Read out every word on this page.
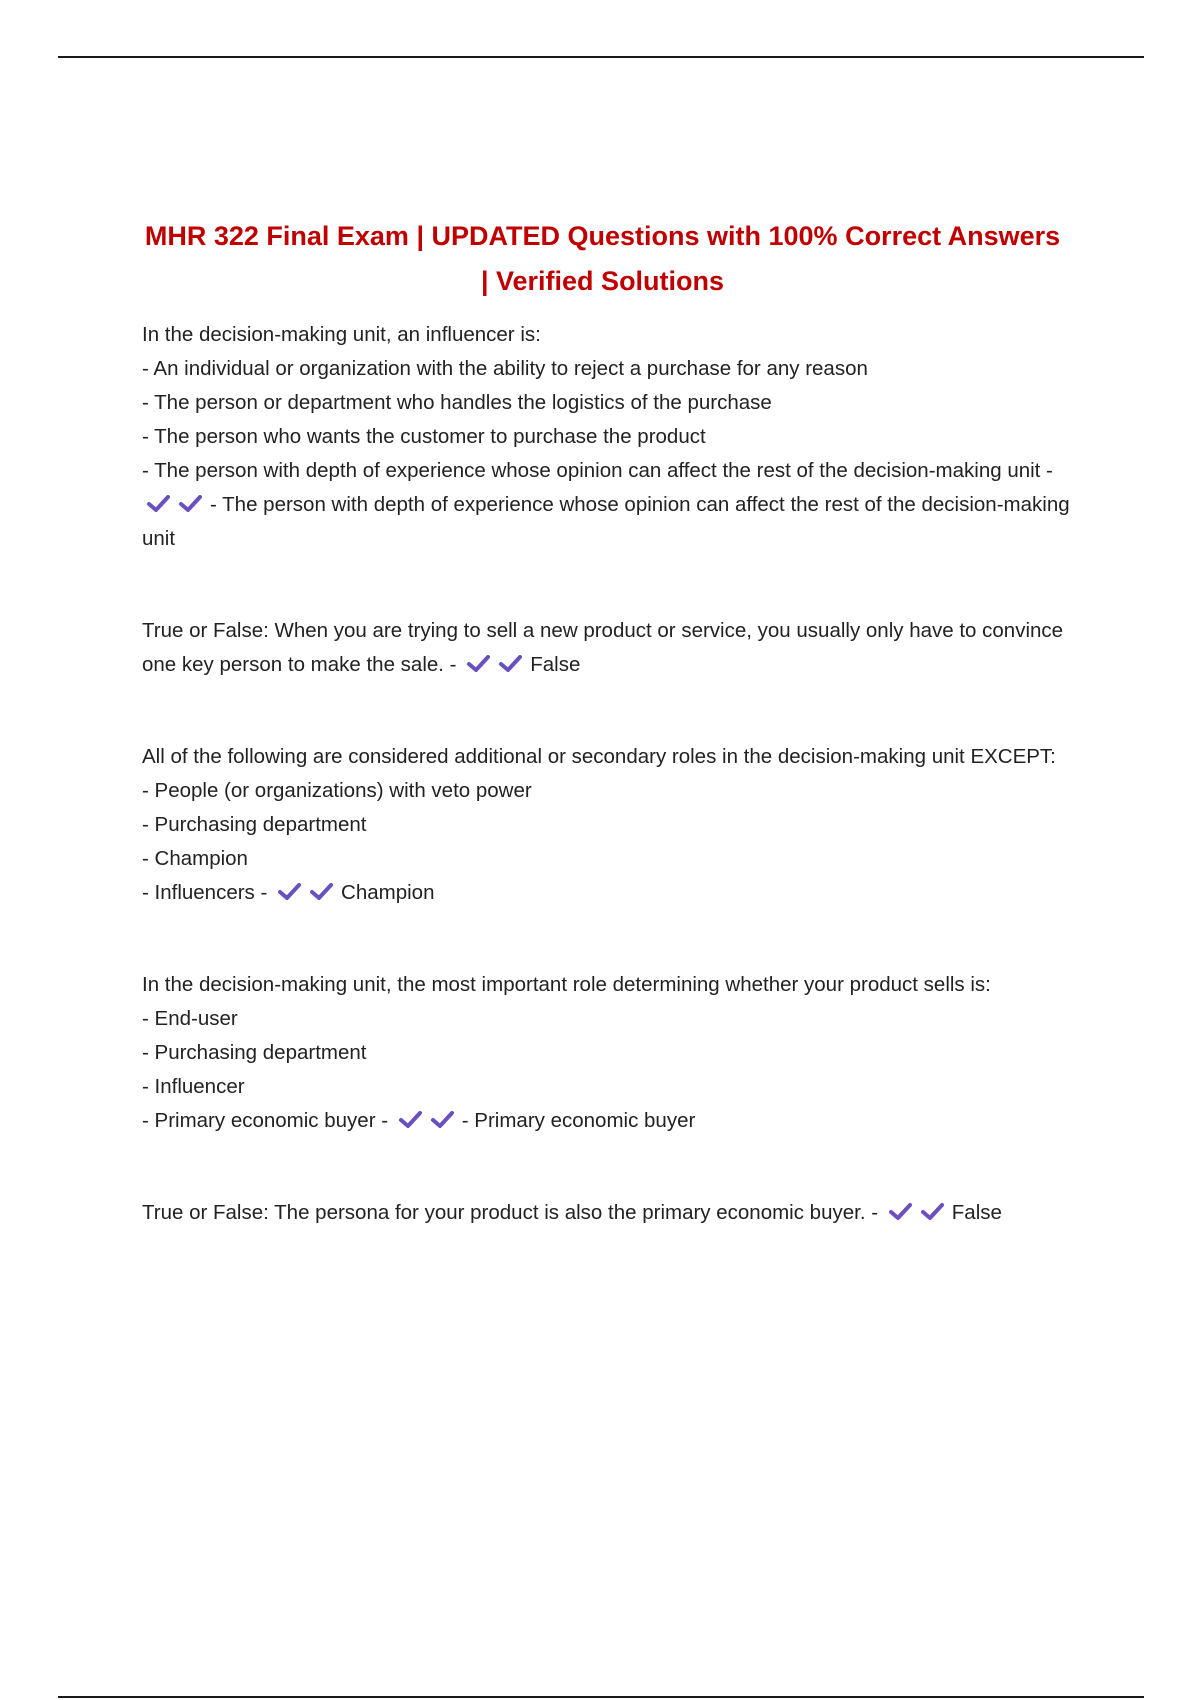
MHR 322 Final Exam | UPDATED Questions with 100% Correct Answers | Verified Solutions

In the decision-making unit, an influencer is:

- An individual or organization with the ability to reject a purchase for any reason

- The person or department who handles the logistics of the purchase

- The person who wants the customer to purchase the product

- The person with depth of experience whose opinion can affect the rest of the decision-making unit - - The person with depth of experience whose opinion can affect the rest of the decision-making unit

True or False: When you are trying to sell a new product or service, you usually only have to convince one key person to make the sale. -	False

All of the following are considered additional or secondary roles in the decision-making unit EXCEPT:

- People (or organizations) with veto power

- Purchasing department

- Champion

- Influencers -	Champion

In the decision-making unit, the most important role determining whether your product sells is:

- End-user

- Purchasing department

- Influencer

- Primary economic buyer -	- Primary economic buyer

True or False: The persona for your product is also the primary economic buyer. -	False
